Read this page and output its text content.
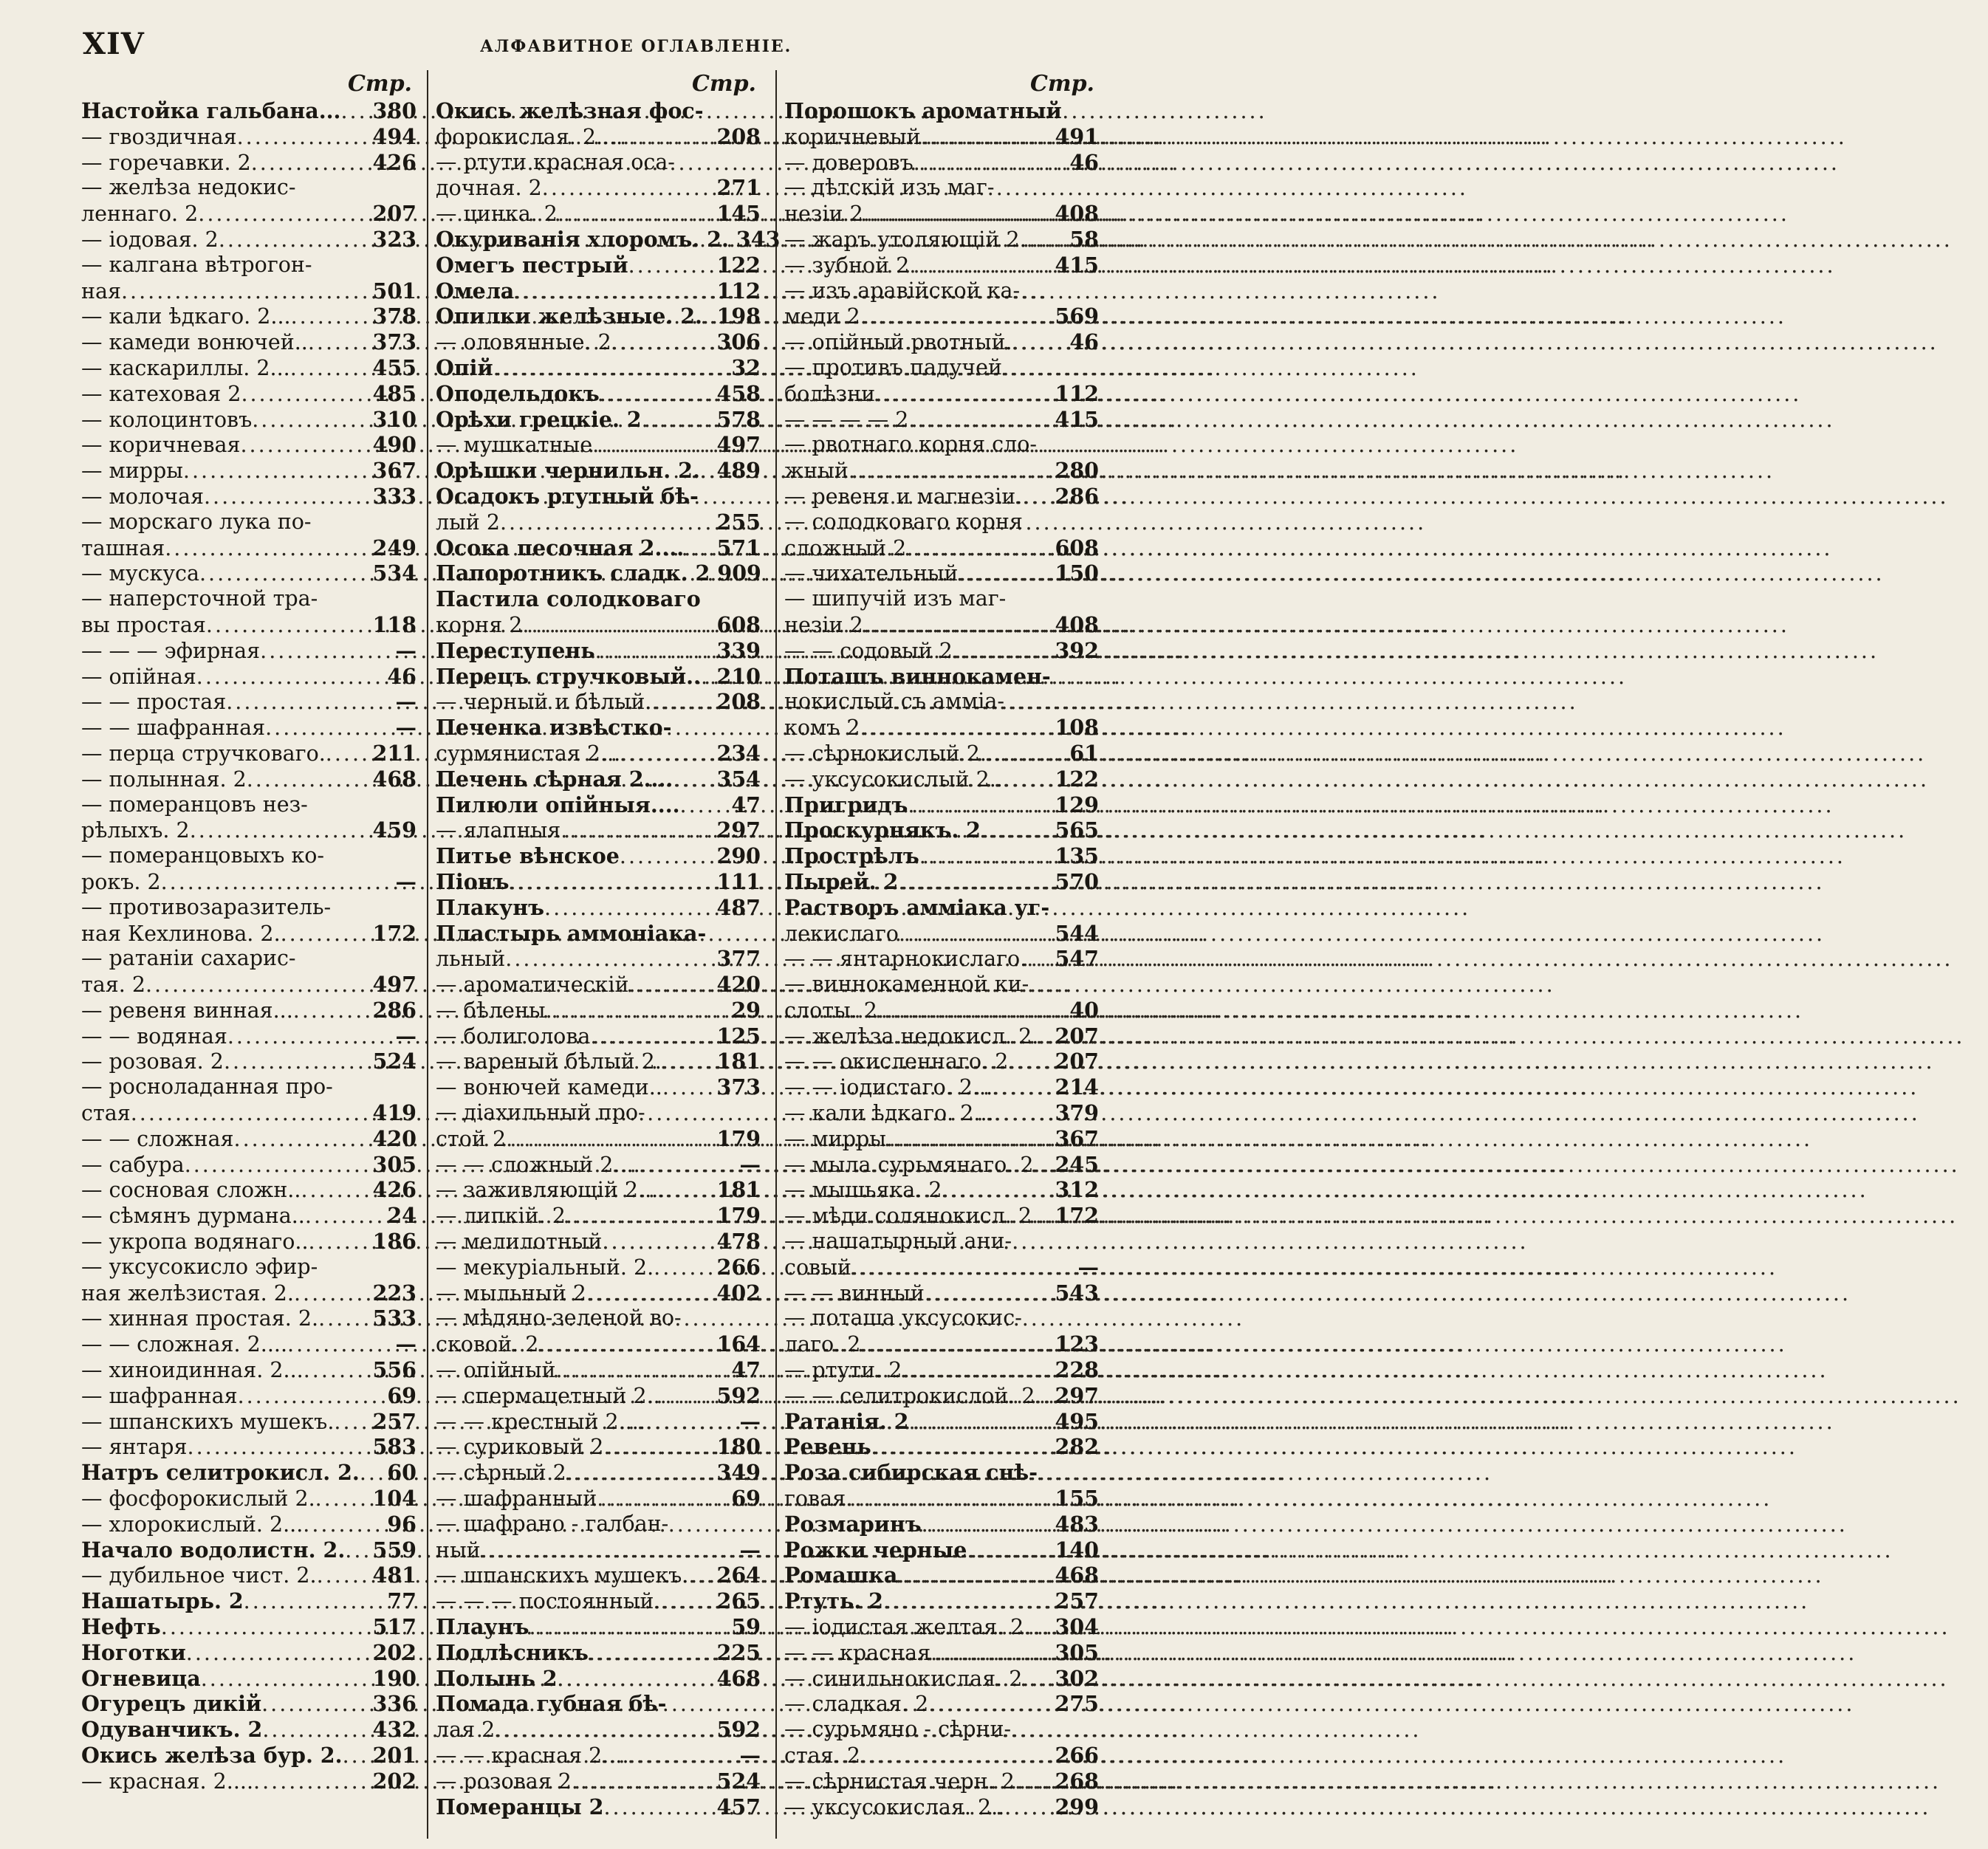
XIV	АЛФАВИТНОЕ ОГЛАВЛЕНІЕ.
Стр.
Настойка гальбана... ..... 380
— гвоздичная .....	494
— горечавки. 2 .....	426
— желѣза недокис-
леннаго. 2 .....	207
— іодовая. 2 .....	323
— калгана вѣтрогон-
ная .....	501
— кали ѣдкаго. 2... .....	378
— камеди вонючей.. .....	373
— каскариллы. 2... .....	455
— катеховая 2 .....	485
— колоцинтовъ .....	310
— коричневая .....	490
— мирры .....	367
— молочая .....	333
— морскаго лука по-
ташная .....	249
— мускуса .....	534
— наперсточной тра-
вы простая .....	118
— — — эфирная .....	—
— опійная .....	46
— — простая .....	—
— — шафранная .....	—
— перца стручковаго. ..... 211
— полынная. 2 .....	468
— померанцовъ нез-
рѣлыхъ. 2 .....	459
— померанцовыхъ ко-
рокъ. 2 .....	—
— противозаразитель-
ная Кехлинова. 2. .....	172
— ратаніи сахарис-
тая. 2 .....	497
— ревеня винная... .....	286
— — водяная .....	—
— розовая. 2 .....	524
— росноладанная про-
стая .....	419
— — сложная .....	420
— сабура .....	305
— сосновая сложн.. .....	426
— сѣмянъ дурмана.. .....	24
— укропа водянаго.. .....	186
— уксусокисло эфир-
ная желѣзистая. 2. .....	223
— хинная простая. 2. .....	533
— — сложная. 2.... .....	—
— хиноидинная. 2... .....	556
— шафранная .....	69
— шпанскихъ мушекъ. ..... 257
— янтаря .....	583
Натръ селитрокисл. 2. ..... 60
— фосфорокислый 2. .....	104
— хлорокислый. 2... .....	96
Начало водолистн. 2. ..... 559
— дубильное чист. 2. .....	481
Нашатырь. 2 .....	77
Нефть .....	517
Ноготки .....	202
Огневица .....	190
Огурецъ дикій .....	336
Одуванчикъ. 2 .....	432
Окись желѣза бур. 2. ..... 201
— красная. 2.... .....	202
Стр.
Окись желѣзная фос-
форокислая. 2.... .....	208
— ртути красная оса-
дочная. 2 .....	271
— цинка. 2 .....	145
Окуриванія хлоромъ. 2. ..... 343
Омегъ пестрый .....	122
Омела .....	112
Опилки желѣзные. 2. ..... 198
— оловянные. 2 .....	306
Опій .....	32
Оподельдокъ .....	458
Орѣхи грецкіе. 2 .....	578
— мушкатные .....	497
Орѣшки чернильн. 2. ..... 489
Осадокъ ртутный бѣ-
лый 2 .....	255
Осока песочная 2.... ..... 571
Папоротникъ сладк. 2 ..... 909
Пастила солодковаго
корня 2 .....	608
Переступень .....	339
Перецъ стручковый.. ..... 210
— черный и бѣлый. .....	208
Печенка извѣстко-
сурмянистая 2... .....	234
Печень сѣрная 2.... ..... 354
Пилюли опійныя.... ..... 47
— ялапныя .....	297
Питье вѣнское .....	290
Піонъ .....	111
Плакунъ .....	487
Пластырь аммоніака-
льный .....	377
— ароматическій .....	420
— бѣлены .....	29
— болиголова .....	125
— вареный бѣлый 2. .....	181
— вонючей камеди.. .....	373
— діахильный про-
стой 2 .....	179
— — сложный 2.... .....	—
— заживляющій 2.... ..... 181
— липкій. 2 .....	179
— мелилотный .....	478
— мекуріальный. 2. .....	266
— мыльный 2 .....	402
— мѣдяно-зеленой во-
сковой. 2 .....	164
— опійный .....	47
— спермацетный 2.. .....	592
— — крестный 2.... .....	—
— суриковый 2 .....	180
— сѣрный 2 .....	349
— шафранный .....	69
— шафрано - галбан-
ный .....	—
— шпанскихъ мушекъ. ..... 264
— — — постоянный. .....	265
Плаунъ .....	59
Подлѣсникъ .....	225
Полынь 2 .....	468
Помада губная бѣ-
лая 2 .....	592
— — красная 2.... .....	—
— розовая 2 .....	524
Померанцы 2 .....	457
Стр.
Порошокъ ароматный
коричневый .....	491
— доверовъ .....	46
— дѣтскій изъ маг-
незіи 2 .....	408
— жаръ утоляющій 2. ..... 58
— зубной 2 .....	415
— изъ аравійской ка-
меди 2 .....	569
— опійный рвотный. .....	46
— противъ падучей
болѣзни .....	112
— — — — 2 .....	415
— рвотнаго корня сло-
жный .....	280
— ревеня и магнезіи. ..... 286
— солодковаго корня
сложный 2 .....	608
— чихательный .....	150
— шипучій изъ маг-
незіи 2 .....	408
— — содовый 2 .....	392
Поташъ виннокамен-
нокислый съ амміа-
комъ 2 .....	108
— сѣрнокислый 2... .....	61
— уксусокислый 2.. ..... 122
Пригридъ .....	129
Проскурнякъ. 2 .....	565
Прострѣлъ .....	135
Пырей. 2 .....	570
Растворъ амміака уг-
лекислаго .....	544
— — янтарнокислаго. ..... 547
— виннокаменной ки-
слоты. 2 .....	40
— желѣза недокисл. 2. ..... 207
— — окисленнаго. 2 ..... 207
— — іодистаго. 2... .....	214
— кали ѣдкаго. 2... .....	379
— мирры .....	367
— мыла сурьмянаго. 2 ..... 245
— мышьяка. 2 .....	312
— мѣди солянокисл. 2 ..... 172
— нашатырный ани-
совый .....	—
— — винный .....	543
— поташа уксусокис-
лаго. 2 .....	123
— ртути. 2 .....	228
— — селитрокислой. 2 ..... 297
Ратанія. 2 .....	495
Ревень .....	282
Роза сибирская снѣ-
говая .....	155
Розмаринъ .....	483
Рожки черные .....	140
Ромашка .....	468
Ртуть. 2 .....	257
— іодистая желтая. 2 ..... 304
— — красная .....	305
— синильнокислая. 2 ..... 302
— сладкая. 2 .....	275
— сурьмяно - сѣрни-
стая. 2 .....	266
— сѣрнистая черн. 2 ..... 268
— уксусокислая. 2.. ..... 299
